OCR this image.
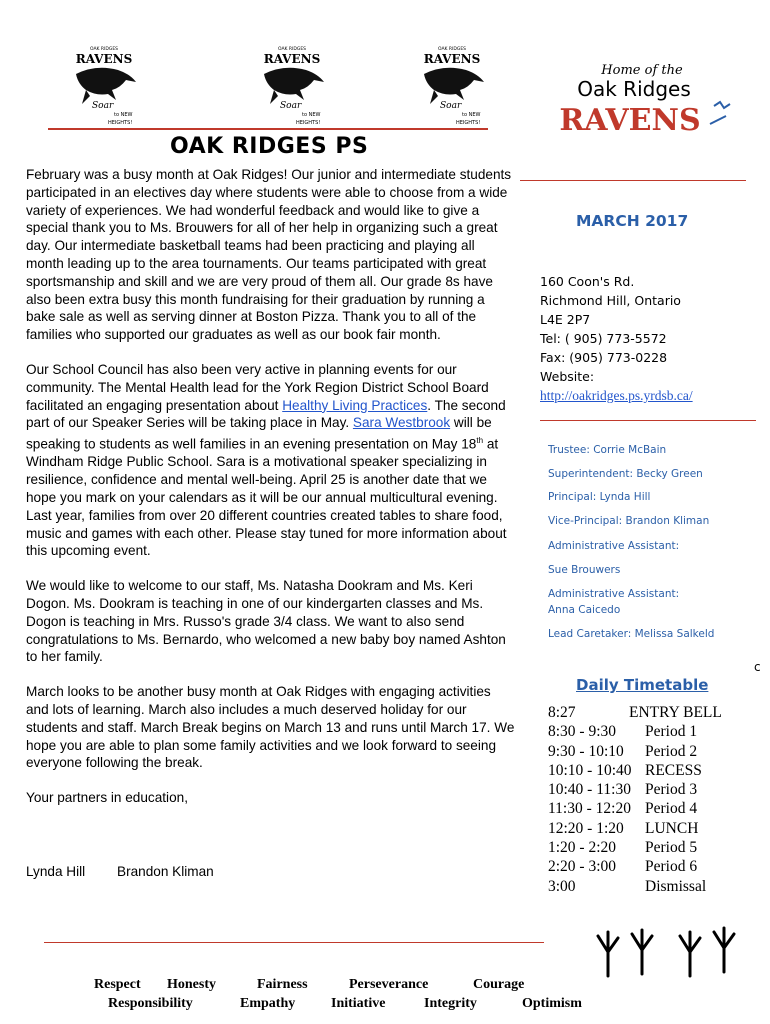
OAK RIDGES
RAVENS
Soar
to NEW
HEIGHTS!
OAK RIDGES
RAVENS
Soar
to NEW
HEIGHTS!
OAK RIDGES
RAVENS
Soar
to NEW
HEIGHTS!
Home of the
Oak Ridges
RAVENS
OAK RIDGES PS

February was a busy month at Oak Ridges! Our junior and intermediate students participated in an electives day where students were able to choose from a wide variety of experiences. We had wonderful feedback and would like to give a special thank you to Ms. Brouwers for all of her help in organizing such a great day. Our intermediate basketball teams had been practicing and playing all month leading up to the area tournaments. Our teams participated with great sportsmanship and skill and we are very proud of them all. Our grade 8s have also been extra busy this month fundraising for their graduation by running a bake sale as well as serving dinner at Boston Pizza. Thank you to all of the families who supported our graduates as well as our book fair month.

Our School Council has also been very active in planning events for our community. The Mental Health lead for the York Region District School Board facilitated an engaging presentation about Healthy Living Practices. The second part of our Speaker Series will be taking place in May. Sara Westbrook will be speaking to students as well families in an evening presentation on May 18th at Windham Ridge Public School. Sara is a motivational speaker specializing in resilience, confidence and mental well-being. April 25 is another date that we hope you mark on your calendars as it will be our annual multicultural evening. Last year, families from over 20 different countries created tables to share food, music and games with each other. Please stay tuned for more information about this upcoming event.

We would like to welcome to our staff, Ms. Natasha Dookram and Ms. Keri Dogon. Ms. Dookram is teaching in one of our kindergarten classes and Ms. Dogon is teaching in Mrs. Russo's grade 3/4 class. We want to also send congratulations to Ms. Bernardo, who welcomed a new baby boy named Ashton to her family.

March looks to be another busy month at Oak Ridges with engaging activities and lots of learning. March also includes a much deserved holiday for our students and staff. March Break begins on March 13 and runs until March 17. We hope you are able to plan some family activities and we look forward to seeing everyone following the break.

Your partners in education,

Lynda Hill Brandon Kliman
MARCH 2017
160 Coon's Rd.
Richmond Hill, Ontario
L4E 2P7
Tel: ( 905) 773-5572
Fax: (905) 773-0228
Website:
http://oakridges.ps.yrdsb.ca/
Trustee: Corrie McBain
Superintendent: Becky Green
Principal: Lynda Hill
Vice-Principal: Brandon Kliman
Administrative Assistant:
Sue Brouwers
Administrative Assistant:
Anna Caicedo
Lead Caretaker: Melissa Salkeld
c
Daily Timetable
8:27	ENTRY BELL
8:30 - 9:30 Period 1
9:30 - 10:10 Period 2
10:10 - 10:40 RECESS
10:40 - 11:30 Period 3
11:30 - 12:20 Period 4
12:20 - 1:20 LUNCH
1:20 - 2:20 Period 5
2:20 - 3:00 Period 6
3:00	Dismissal
Respect Honesty	Fairness	Perseverance	Courage
Responsibility	Empathy	Initiative	Integrity	Optimism
